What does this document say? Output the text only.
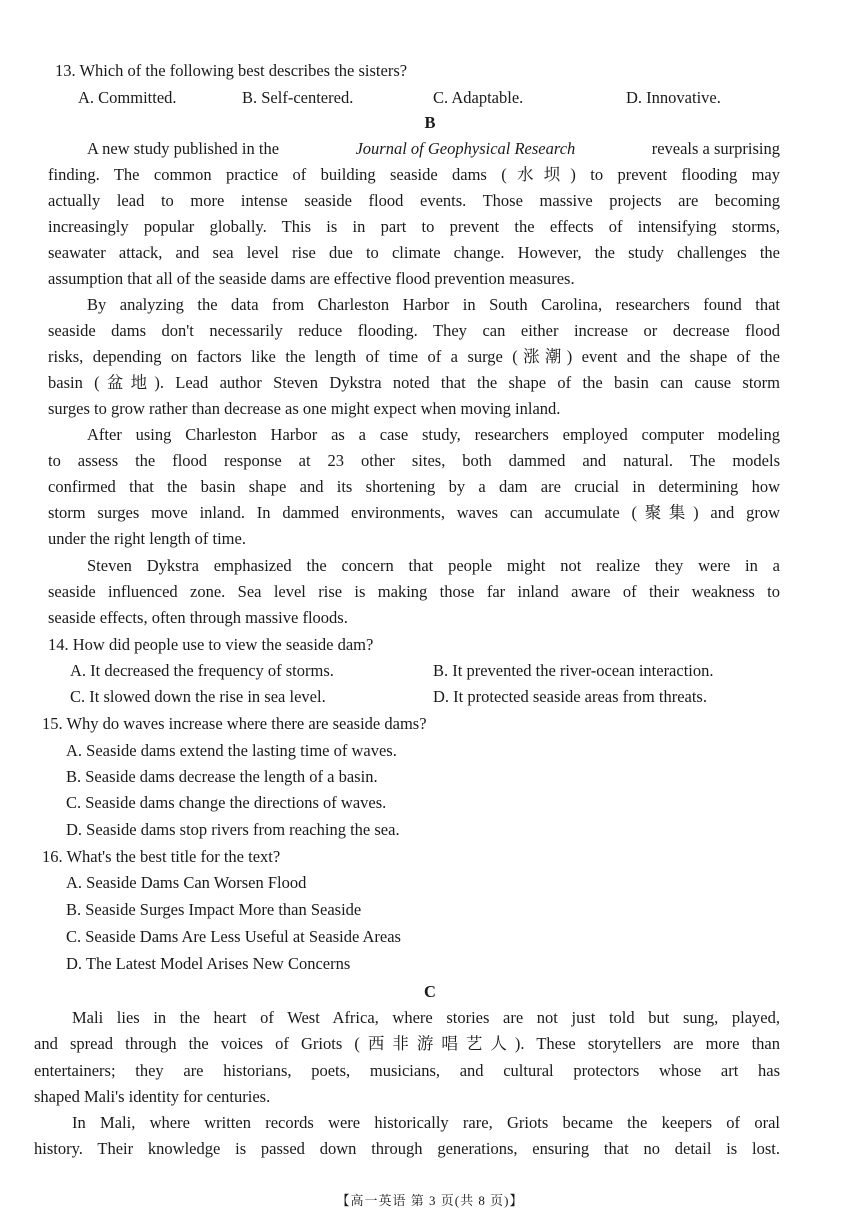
13. Which of the following best describes the sisters?
A. Committed.	B. Self-centered.	C. Adaptable.	D. Innovative.
B
A new study published in the	Journal of Geophysical Research	reveals a surprising
finding. The common practice of building seaside dams (水坝) to prevent flooding may
actually lead to more intense seaside flood events. Those massive projects are becoming
increasingly popular globally. This is in part to prevent the effects of intensifying storms,
seawater attack, and sea level rise due to climate change. However, the study challenges the
assumption that all of the seaside dams are effective flood prevention measures.
By analyzing the data from Charleston Harbor in South Carolina, researchers found that
seaside dams don't necessarily reduce flooding. They can either increase or decrease flood
risks, depending on factors like the length of time of a surge (涨潮) event and the shape of the
basin (盆地). Lead author Steven Dykstra noted that the shape of the basin can cause storm
surges to grow rather than decrease as one might expect when moving inland.
After using Charleston Harbor as a case study, researchers employed computer modeling
to assess the flood response at 23 other sites, both dammed and natural. The models
confirmed that the basin shape and its shortening by a dam are crucial in determining how
storm surges move inland. In dammed environments, waves can accumulate (聚集) and grow
under the right length of time.
Steven Dykstra emphasized the concern that people might not realize they were in a
seaside influenced zone. Sea level rise is making those far inland aware of their weakness to
seaside effects, often through massive floods.
14. How did people use to view the seaside dam?
A. It decreased the frequency of storms.	B. It prevented the river-ocean interaction.
C. It slowed down the rise in sea level.	D. It protected seaside areas from threats.
15. Why do waves increase where there are seaside dams?
A. Seaside dams extend the lasting time of waves.
B. Seaside dams decrease the length of a basin.
C. Seaside dams change the directions of waves.
D. Seaside dams stop rivers from reaching the sea.
16. What's the best title for the text?
A. Seaside Dams Can Worsen Flood
B. Seaside Surges Impact More than Seaside
C. Seaside Dams Are Less Useful at Seaside Areas
D. The Latest Model Arises New Concerns
C
Mali lies in the heart of West Africa, where stories are not just told but sung, played,
and spread through the voices of Griots (西非游唱艺人). These storytellers are more than
entertainers; they are historians, poets, musicians, and cultural protectors whose art has
shaped Mali's identity for centuries.
In Mali, where written records were historically rare, Griots became the keepers of oral
history. Their knowledge is passed down through generations, ensuring that no detail is lost.
【高一英语 第 3 页(共 8 页)】
